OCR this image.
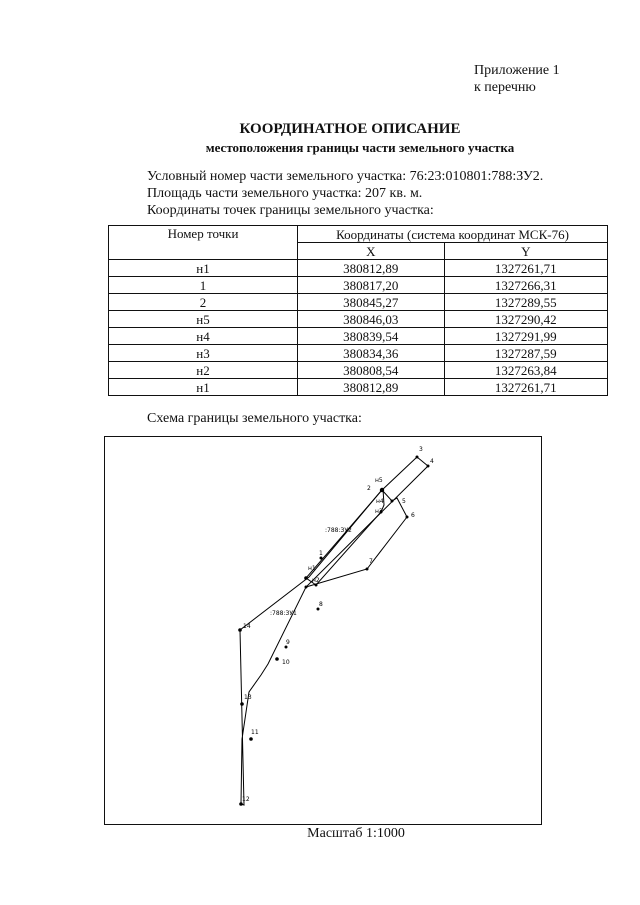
Приложение 1
к перечню
КООРДИНАТНОЕ ОПИСАНИЕ
местоположения границы части земельного участка
Условный номер части земельного участка: 76:23:010801:788:ЗУ2.
Площадь части земельного участка: 207 кв. м.
Координаты точек границы земельного участка:
Номер точки	Координаты (система координат МСК-76)	
	X	Y
н1	380812,89	1327261,71
1	380817,20	1327266,31
2	380845,27	1327289,55
н5	380846,03	1327290,42
н4	380839,54	1327291,99
н3	380834,36	1327287,59
н2	380808,54	1327263,84
н1	380812,89	1327261,71
Схема границы земельного участка:
3
4
н5
2
н4	5
н3
6
1
н1
н2
7
8
14
9
10
13
11
12
:788:ЗУ2
:788:ЗУ1
Масштаб 1:1000
